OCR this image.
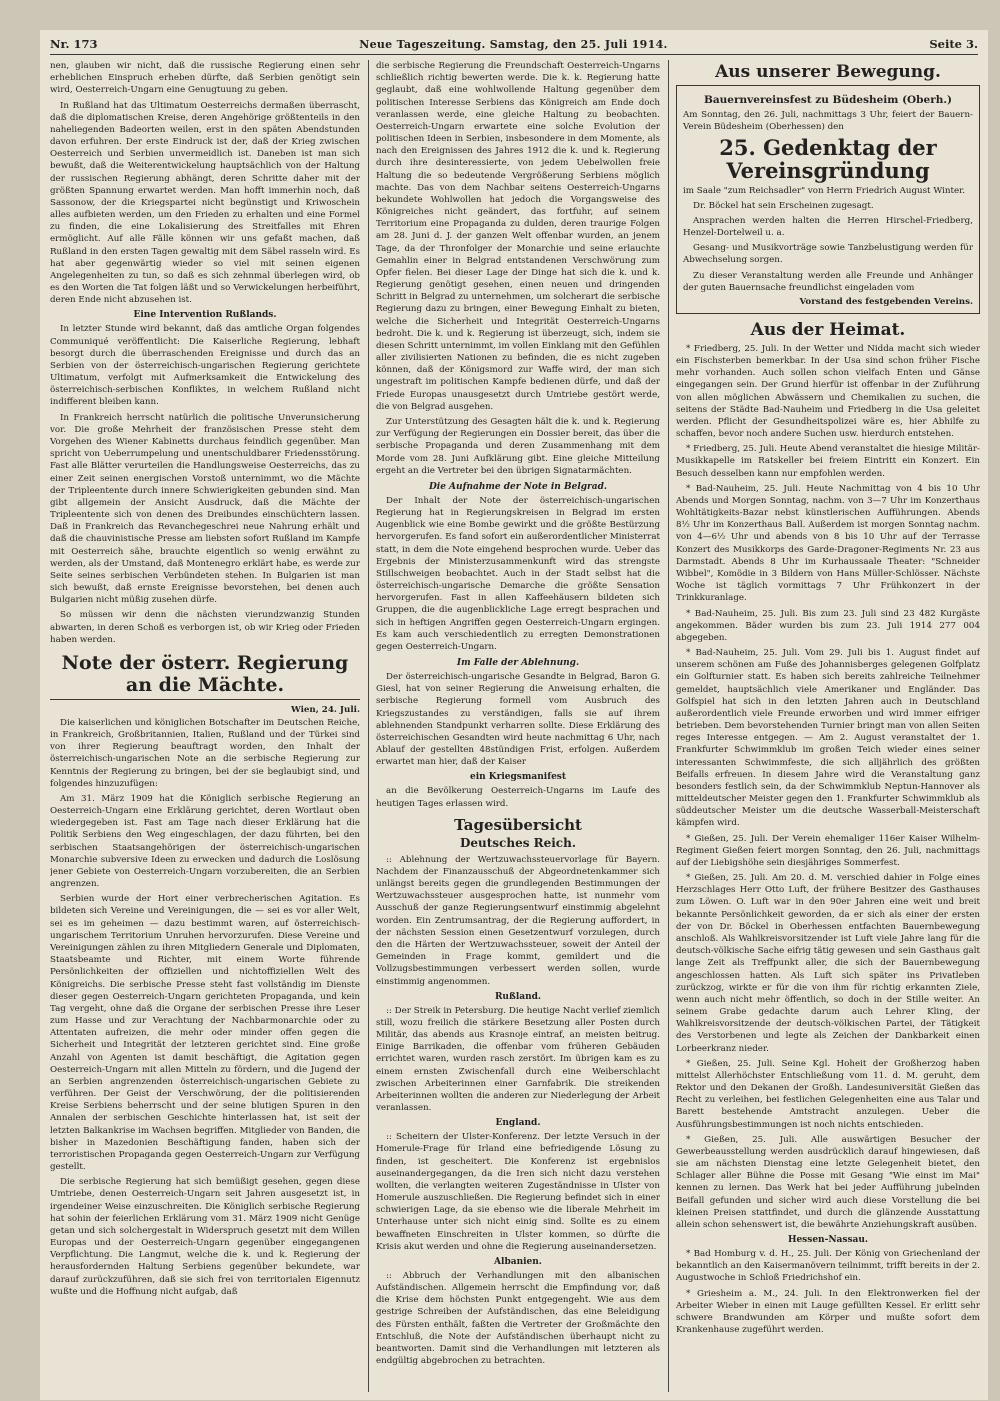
Nr. 173	Neue Tageszeitung. Samstag, den 25. Juli 1914.	Seite 3.

nen, glauben wir nicht, daß die russische Regierung einen sehr erheblichen Einspruch erheben dürfte, daß Serbien genötigt sein wird, Oesterreich-Ungarn eine Genugtuung zu geben.

In Rußland hat das Ultimatum Oesterreichs dermaßen überrascht, daß die diplomatischen Kreise, deren Angehörige größtenteils in den naheliegenden Badeorten weilen, erst in den späten Abendstunden davon erfuhren. Der erste Eindruck ist der, daß der Krieg zwischen Oesterreich und Serbien unvermeidlich ist. Daneben ist man sich bewußt, daß die Weiterentwickelung hauptsächlich von der Haltung der russischen Regierung abhängt, deren Schritte daher mit der größten Spannung erwartet werden. Man hofft immerhin noch, daß Sassonow, der die Kriegspartei nicht begünstigt und Kriwoschein alles aufbieten werden, um den Frieden zu erhalten und eine Formel zu finden, die eine Lokalisierung des Streitfalles mit Ehren ermöglicht. Auf alle Fälle können wir uns gefaßt machen, daß Rußland in den ersten Tagen gewaltig mit dem Säbel rasseln wird. Es hat aber gegenwärtig wieder so viel mit seinen eigenen Angelegenheiten zu tun, so daß es sich zehnmal überlegen wird, ob es den Worten die Tat folgen läßt und so Verwickelungen herbeiführt, deren Ende nicht abzusehen ist.

Eine Intervention Rußlands.

In letzter Stunde wird bekannt, daß das amtliche Organ folgendes Communiqué veröffentlicht: Die Kaiserliche Regierung, lebhaft besorgt durch die überraschenden Ereignisse und durch das an Serbien von der österreichisch-ungarischen Regierung gerichtete Ultimatum, verfolgt mit Aufmerksamkeit die Entwickelung des österreichisch-serbischen Konfliktes, in welchem Rußland nicht indifferent bleiben kann.

In Frankreich herrscht natürlich die politische Unverunsicherung vor. Die große Mehrheit der französischen Presse steht dem Vorgehen des Wiener Kabinetts durchaus feindlich gegenüber. Man spricht von Ueberrumpelung und unentschuldbarer Friedensstörung. Fast alle Blätter verurteilen die Handlungsweise Oesterreichs, das zu einer Zeit seinen energischen Vorstoß unternimmt, wo die Mächte der Tripleentente durch innere Schwierigkeiten gebunden sind. Man gibt allgemein der Ansicht Ausdruck, daß die Mächte der Tripleentente sich von denen des Dreibundes einschüchtern lassen. Daß in Frankreich das Revanchegeschrei neue Nahrung erhält und daß die chauvinistische Presse am liebsten sofort Rußland im Kampfe mit Oesterreich sähe, brauchte eigentlich so wenig erwähnt zu werden, als der Umstand, daß Montenegro erklärt habe, es werde zur Seite seines serbischen Verbündeten stehen. In Bulgarien ist man sich bewußt, daß ernste Ereignisse bevorstehen, bei denen auch Bulgarien nicht müßig zusehen dürfe.

So müssen wir denn die nächsten vierundzwanzig Stunden abwarten, in deren Schoß es verborgen ist, ob wir Krieg oder Frieden haben werden.

Note der österr. Regierung an die Mächte.
Wien, 24. Juli.

Die kaiserlichen und königlichen Botschafter im Deutschen Reiche, in Frankreich, Großbritannien, Italien, Rußland und der Türkei sind von ihrer Regierung beauftragt worden, den Inhalt der österreichisch-ungarischen Note an die serbische Regierung zur Kenntnis der Regierung zu bringen, bei der sie beglaubigt sind, und folgendes hinzuzufügen:

Am 31. März 1909 hat die Königlich serbische Regierung an Oesterreich-Ungarn eine Erklärung gerichtet, deren Wortlaut oben wiedergegeben ist. Fast am Tage nach dieser Erklärung hat die Politik Serbiens den Weg eingeschlagen, der dazu führten, bei den serbischen Staatsangehörigen der österreichisch-ungarischen Monarchie subversive Ideen zu erwecken und dadurch die Loslösung jener Gebiete von Oesterreich-Ungarn vorzubereiten, die an Serbien angrenzen.

Serbien wurde der Hort einer verbrecherischen Agitation. Es bildeten sich Vereine und Vereinigungen, die — sei es vor aller Welt, sei es im geheimen — dazu bestimmt waren, auf österreichisch-ungarischem Territorium Unruhen hervorzurufen. Diese Vereine und Vereinigungen zählen zu ihren Mitgliedern Generale und Diplomaten, Staatsbeamte und Richter, mit einem Worte führende Persönlichkeiten der offiziellen und nichtoffiziellen Welt des Königreichs. Die serbische Presse steht fast vollständig im Dienste dieser gegen Oesterreich-Ungarn gerichteten Propaganda, und kein Tag vergeht, ohne daß die Organe der serbischen Presse ihre Leser zum Hasse und zur Verachtung der Nachbarmonarchie oder zu Attentaten aufreizen, die mehr oder minder offen gegen die Sicherheit und Integrität der letzteren gerichtet sind. Eine große Anzahl von Agenten ist damit beschäftigt, die Agitation gegen Oesterreich-Ungarn mit allen Mitteln zu fördern, und die Jugend der an Serbien angrenzenden österreichisch-ungarischen Gebiete zu verführen. Der Geist der Verschwörung, der die politisierenden Kreise Serbiens beherrscht und der seine blutigen Spuren in den Annalen der serbischen Geschichte hinterlassen hat, ist seit der letzten Balkankrise im Wachsen begriffen. Mitglieder von Banden, die bisher in Mazedonien Beschäftigung fanden, haben sich der terroristischen Propaganda gegen Oesterreich-Ungarn zur Verfügung gestellt.

Die serbische Regierung hat sich bemüßigt gesehen, gegen diese Umtriebe, denen Oesterreich-Ungarn seit Jahren ausgesetzt ist, in irgendeiner Weise einzuschreiten. Die Königlich serbische Regierung hat sohin der feierlichen Erklärung vom 31. März 1909 nicht Genüge getan und sich solchergestalt in Widerspruch gesetzt mit dem Willen Europas und der Oesterreich-Ungarn gegenüber eingegangenen Verpflichtung. Die Langmut, welche die k. und k. Regierung der herausfordernden Haltung Serbiens gegenüber bekundete, war darauf zurückzuführen, daß sie sich frei von territorialen Eigennutz wußte und die Hoffnung nicht aufgab, daß

die serbische Regierung die Freundschaft Oesterreich-Ungarns schließlich richtig bewerten werde. Die k. k. Regierung hatte geglaubt, daß eine wohlwollende Haltung gegenüber dem politischen Interesse Serbiens das Königreich am Ende doch veranlassen werde, eine gleiche Haltung zu beobachten. Oesterreich-Ungarn erwartete eine solche Evolution der politischen Ideen in Serbien, insbesondere in dem Momente, als nach den Ereignissen des Jahres 1912 die k. und k. Regierung durch ihre desinteressierte, von jedem Uebelwollen freie Haltung die so bedeutende Vergrößerung Serbiens möglich machte. Das von dem Nachbar seitens Oesterreich-Ungarns bekundete Wohlwollen hat jedoch die Vorgangsweise des Königreiches nicht geändert, das fortfuhr, auf seinem Territorium eine Propaganda zu dulden, deren traurige Folgen am 28. Juni d. J. der ganzen Welt offenbar wurden, an jenem Tage, da der Thronfolger der Monarchie und seine erlauchte Gemahlin einer in Belgrad entstandenen Verschwörung zum Opfer fielen. Bei dieser Lage der Dinge hat sich die k. und k. Regierung genötigt gesehen, einen neuen und dringenden Schritt in Belgrad zu unternehmen, um solcherart die serbische Regierung dazu zu bringen, einer Bewegung Einhalt zu bieten, welche die Sicherheit und Integrität Oesterreich-Ungarns bedroht. Die k. und k. Regierung ist überzeugt, sich, indem sie diesen Schritt unternimmt, im vollen Einklang mit den Gefühlen aller zivilisierten Nationen zu befinden, die es nicht zugeben können, daß der Königsmord zur Waffe wird, der man sich ungestraft im politischen Kampfe bedienen dürfe, und daß der Friede Europas unausgesetzt durch Umtriebe gestört werde, die von Belgrad ausgehen.

Zur Unterstützung des Gesagten hält die k. und k. Regierung zur Verfügung der Regierungen ein Dossier bereit, das über die serbische Propaganda und deren Zusammenhang mit dem Morde vom 28. Juni Aufklärung gibt. Eine gleiche Mitteilung ergeht an die Vertreter bei den übrigen Signatarmächten.

Die Aufnahme der Note in Belgrad.

Der Inhalt der Note der österreichisch-ungarischen Regierung hat in Regierungskreisen in Belgrad im ersten Augenblick wie eine Bombe gewirkt und die größte Bestürzung hervorgerufen. Es fand sofort ein außerordentlicher Ministerrat statt, in dem die Note eingehend besprochen wurde. Ueber das Ergebnis der Ministerzusammenkunft wird das strengste Stillschweigen beobachtet. Auch in der Stadt selbst hat die österreichisch-ungarische Demarche die größte Sensation hervorgerufen. Fast in allen Kaffeehäusern bildeten sich Gruppen, die die augenblickliche Lage erregt besprachen und sich in heftigen Angriffen gegen Oesterreich-Ungarn ergingen. Es kam auch verschiedentlich zu erregten Demonstrationen gegen Oesterreich-Ungarn.

Im Falle der Ablehnung.

Der österreichisch-ungarische Gesandte in Belgrad, Baron G. Giesl, hat von seiner Regierung die Anweisung erhalten, die serbische Regierung formell vom Ausbruch des Kriegszustandes zu verständigen, falls sie auf ihrem ablehnenden Standpunkt verharren sollte. Diese Erklärung des österreichischen Gesandten wird heute nachmittag 6 Uhr, nach Ablauf der gestellten 48stündigen Frist, erfolgen. Außerdem erwartet man hier, daß der Kaiser

ein Kriegsmanifest

an die Bevölkerung Oesterreich-Ungarns im Laufe des heutigen Tages erlassen wird.

Tagesübersicht
Deutsches Reich.

:: Ablehnung der Wertzuwachssteuervorlage für Bayern. Nachdem der Finanzausschuß der Abgeordnetenkammer sich unlängst bereits gegen die grundlegenden Bestimmungen der Wertzuwachssteuer ausgesprochen hatte, ist nunmehr vom Ausschuß der ganze Regierungsentwurf einstimmig abgelehnt worden. Ein Zentrumsantrag, der die Regierung auffordert, in der nächsten Session einen Gesetzentwurf vorzulegen, durch den die Härten der Wertzuwachssteuer, soweit der Anteil der Gemeinden in Frage kommt, gemildert und die Vollzugsbestimmungen verbessert werden sollen, wurde einstimmig angenommen.

Rußland.

:: Der Streik in Petersburg. Die heutige Nacht verlief ziemlich still, wozu freilich die stärkere Besetzung aller Posten durch Militär, das abends aus Krasnoje eintraf, an meisten beitrug. Einige Barrikaden, die offenbar vom früheren Gebäuden errichtet waren, wurden rasch zerstört. Im übrigen kam es zu einem ernsten Zwischenfall durch eine Weiberschlacht zwischen Arbeiterinnen einer Garnfabrik. Die streikenden Arbeiterinnen wollten die anderen zur Niederlegung der Arbeit veranlassen.

England.

:: Scheitern der Ulster-Konferenz. Der letzte Versuch in der Homerule-Frage für Irland eine befriedigende Lösung zu finden, ist gescheitert. Die Konferenz ist ergebnislos auseinandergegangen, da die Iren sich nicht dazu verstehen wollten, die verlangten weiteren Zugeständnisse in Ulster von Homerule auszuschließen. Die Regierung befindet sich in einer schwierigen Lage, da sie ebenso wie die liberale Mehrheit im Unterhause unter sich nicht einig sind. Sollte es zu einem bewaffneten Einschreiten in Ulster kommen, so dürfte die Krisis akut werden und ohne die Regierung auseinandersetzen.

Albanien.

:: Abbruch der Verhandlungen mit den albanischen Aufständischen. Allgemein herrscht die Empfindung vor, daß die Krise dem höchsten Punkt entgegengeht. Wie aus dem gestrige Schreiben der Aufständischen, das eine Beleidigung des Fürsten enthält, faßten die Vertreter der Großmächte den Entschluß, die Note der Aufständischen überhaupt nicht zu beantworten. Damit sind die Verhandlungen mit letzteren als endgültig abgebrochen zu betrachten.

Aus unserer Bewegung.
Bauernvereinsfest zu Büdesheim (Oberh.)

Am Sonntag, den 26. Juli, nachmittags 3 Uhr, feiert der Bauern-Verein Büdesheim (Oberhessen) den

25. Gedenktag der Vereinsgründung

im Saale "zum Reichsadler" von Herrn Friedrich August Winter.

Dr. Böckel hat sein Erscheinen zugesagt.

Ansprachen werden halten die Herren Hirschel-Friedberg, Henzel-Dortelweil u. a.

Gesang- und Musikvorträge sowie Tanzbelustigung werden für Abwechselung sorgen.

Zu dieser Veranstaltung werden alle Freunde und Anhänger der guten Bauernsache freundlichst eingeladen vom

Vorstand des festgebenden Vereins.
Aus der Heimat.

* Friedberg, 25. Juli. In der Wetter und Nidda macht sich wieder ein Fischsterben bemerkbar. In der Usa sind schon früher Fische mehr vorhanden. Auch sollen schon vielfach Enten und Gänse eingegangen sein. Der Grund hierfür ist offenbar in der Zuführung von allen möglichen Abwässern und Chemikalien zu suchen, die seitens der Städte Bad-Nauheim und Friedberg in die Usa geleitet werden. Pflicht der Gesundheitspolizei wäre es, hier Abhilfe zu schaffen, bevor noch andere Suchen usw. hierdurch entstehen.

* Friedberg, 25. Juli. Heute Abend veranstaltet die hiesige Militär-Musikkapelle im Ratskeller bei freiem Eintritt ein Konzert. Ein Besuch desselben kann nur empfohlen werden.

* Bad-Nauheim, 25. Juli. Heute Nachmittag von 4 bis 10 Uhr Abends und Morgen Sonntag, nachm. von 3—7 Uhr im Konzerthaus Wohltätigkeits-Bazar nebst künstlerischen Aufführungen. Abends 8½ Uhr im Konzerthaus Ball. Außerdem ist morgen Sonntag nachm. von 4—6½ Uhr und abends von 8 bis 10 Uhr auf der Terrasse Konzert des Musikkorps des Garde-Dragoner-Regiments Nr. 23 aus Darmstadt. Abends 8 Uhr im Kurhaussaale Theater: "Schneider Wibbel", Komödie in 3 Bildern von Hans Müller-Schlösser. Nächste Woche ist täglich vormittags 7 Uhr Frühkonzert in der Trinkkuranlage.

* Bad-Nauheim, 25. Juli. Bis zum 23. Juli sind 23 482 Kurgäste angekommen. Bäder wurden bis zum 23. Juli 1914 277 004 abgegeben.

* Bad-Nauheim, 25. Juli. Vom 29. Juli bis 1. August findet auf unserem schönen am Fuße des Johannisberges gelegenen Golfplatz ein Golfturnier statt. Es haben sich bereits zahlreiche Teilnehmer gemeldet, hauptsächlich viele Amerikaner und Engländer. Das Golfspiel hat sich in den letzten Jahren auch in Deutschland außerordentlich viele Freunde erworben und wird immer eifriger betrieben. Dem bevorstehenden Turnier bringt man von allen Seiten reges Interesse entgegen. — Am 2. August veranstaltet der 1. Frankfurter Schwimmklub im großen Teich wieder eines seiner interessanten Schwimmfeste, die sich alljährlich des größten Beifalls erfreuen. In diesem Jahre wird die Veranstaltung ganz besonders festlich sein, da der Schwimmklub Neptun-Hannover als mitteldeutscher Meister gegen den 1. Frankfurter Schwimmklub als süddeutscher Meister um die deutsche Wasserball-Meisterschaft kämpfen wird.

* Gießen, 25. Juli. Der Verein ehemaliger 116er Kaiser Wilhelm-Regiment Gießen feiert morgen Sonntag, den 26. Juli, nachmittags auf der Liebigshöhe sein diesjähriges Sommerfest.

* Gießen, 25. Juli. Am 20. d. M. verschied dahier in Folge eines Herzschlages Herr Otto Luft, der frühere Besitzer des Gasthauses zum Löwen. O. Luft war in den 90er Jahren eine weit und breit bekannte Persönlichkeit geworden, da er sich als einer der ersten der von Dr. Böckel in Oberhessen entfachten Bauernbewegung anschloß. Als Wahlkreisvorsitzender ist Luft viele Jahre lang für die deutsch-völkische Sache eifrig tätig gewesen und sein Gasthaus galt lange Zeit als Treffpunkt aller, die sich der Bauernbewegung angeschlossen hatten. Als Luft sich später ins Privatleben zurückzog, wirkte er für die von ihm für richtig erkannten Ziele, wenn auch nicht mehr öffentlich, so doch in der Stille weiter. An seinem Grabe gedachte darum auch Lehrer Kling, der Wahlkreisvorsitzende der deutsch-völkischen Partei, der Tätigkeit des Verstorbenen und legte als Zeichen der Dankbarkeit einen Lorbeerkranz nieder.

* Gießen, 25. Juli. Seine Kgl. Hoheit der Großherzog haben mittelst Allerhöchster Entschließung vom 11. d. M. geruht, dem Rektor und den Dekanen der Großh. Landesuniversität Gießen das Recht zu verleihen, bei festlichen Gelegenheiten eine aus Talar und Barett bestehende Amtstracht anzulegen. Ueber die Ausführungsbestimmungen ist noch nichts entschieden.

* Gießen, 25. Juli. Alle auswärtigen Besucher der Gewerbeausstellung werden ausdrücklich darauf hingewiesen, daß sie am nächsten Dienstag eine letzte Gelegenheit bietet, den Schlager aller Bühne die Posse mit Gesang "Wie einst im Mai" kennen zu lernen. Das Werk hat bei jeder Aufführung jubelnden Beifall gefunden und sicher wird auch diese Vorstellung die bei kleinen Preisen stattfindet, und durch die glänzende Ausstattung allein schon sehenswert ist, die bewährte Anziehungskraft ausüben.

Hessen-Nassau.

* Bad Homburg v. d. H., 25. Juli. Der König von Griechenland der bekanntlich an den Kaisermanövern teilnimmt, trifft bereits in der 2. Augustwoche in Schloß Friedrichshof ein.

* Griesheim a. M., 24. Juli. In den Elektronwerken fiel der Arbeiter Wieber in einen mit Lauge gefüllten Kessel. Er erlitt sehr schwere Brandwunden am Körper und mußte sofort dem Krankenhause zugeführt werden.
